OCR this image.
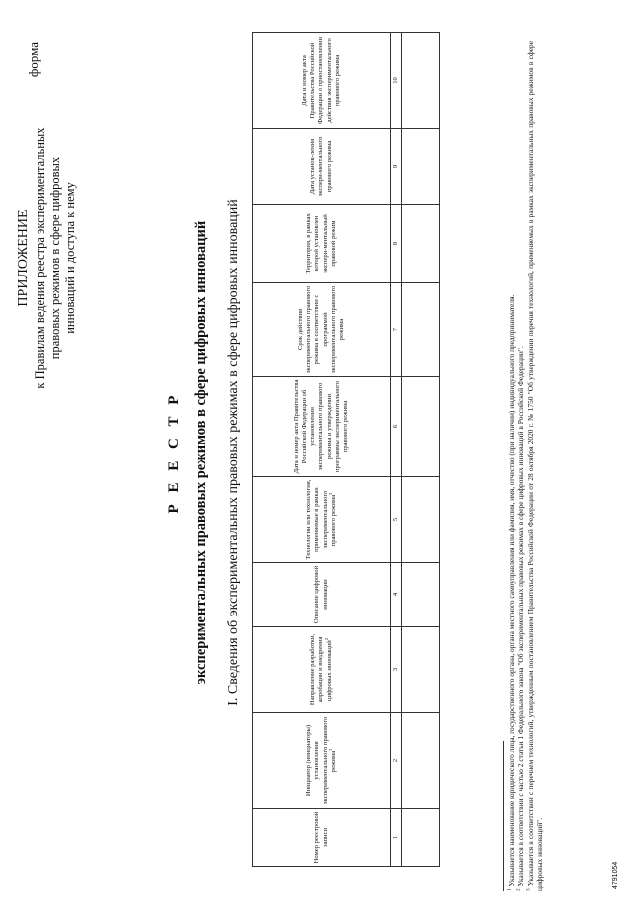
ПРИЛОЖЕНИЕ к Правилам ведения реестра экспериментальных правовых режимов в сфере цифровых инноваций и доступа к нему
форма
Р Е Е С Т Р экспериментальных правовых режимов в сфере цифровых инноваций I. Сведения об экспериментальных правовых режимах в сфере цифровых инноваций
Номер реестровой записи	Инициатор (инициаторы) установления экспериментального правового режима$^1$	Направление разработки, апробации и внедрения цифровых инноваций$^2$	Описание цифровой инновации	Технологии или технология, применяемые в рамках экспериментального правового режима$^3$	Дата и номер акта Правительства Российской Федерации об установлении экспериментального правового режима и утверждении программы экспериментального правового режима	Срок действия экспериментального правового режима в соответствии с программой экспериментального правового режима	Территория, в рамках которой установлен экспери-ментальный правовой режим	Дата установ-ления экспери-ментального правового режима	Дата и номер акта Правительства Российской Федерации о приостановлении действия экспериментального правового режима
1	2	3	4	5	6	7	8	9	10

$^1$ Указывается наименование юридического лица, государственного органа, органа местного самоуправления или фамилия, имя, отчество (при наличии) индивидуального предпринимателя.

$^2$ Указывается в соответствии с частью 2 статьи 1 Федерального закона "Об экспериментальных правовых режимах в сфере цифровых инноваций в Российской Федерации".

$^3$ Указывается в соответствии с перечнем технологий, утвержденным постановлением Правительства Российской Федерации от 28 октября 2020 г. № 1750 "Об утверждении перечня технологий, применяемых в рамках экспериментальных правовых режимов в сфере цифровых инноваций".	4791054
